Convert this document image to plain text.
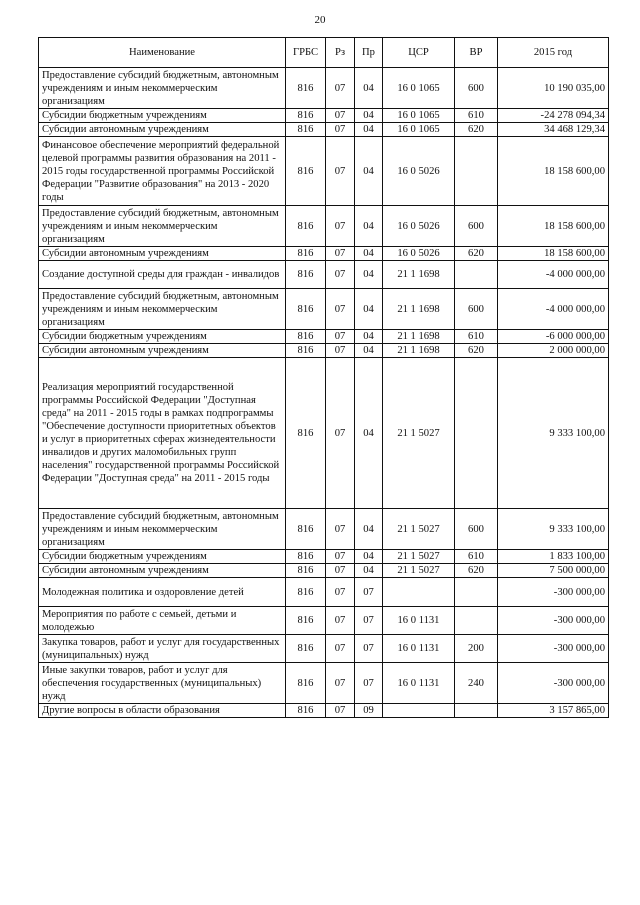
20
Наименование	ГРБС	Рз	Пр	ЦСР	ВР	2015 год
Предоставление субсидий бюджетным, автономным учреждениям и иным некоммерческим организациям	816	07	04	16 0 1065	600	10 190 035,00
Субсидии бюджетным учреждениям	816	07	04	16 0 1065	610	-24 278 094,34
Субсидии автономным учреждениям	816	07	04	16 0 1065	620	34 468 129,34
Финансовое обеспечение мероприятий федеральной целевой программы развития образования на 2011 - 2015 годы государственной программы Российской Федерации "Развитие образования" на 2013 - 2020 годы	816	07	04	16 0 5026		18 158 600,00
Предоставление субсидий бюджетным, автономным учреждениям и иным некоммерческим организациям	816	07	04	16 0 5026	600	18 158 600,00
Субсидии автономным учреждениям	816	07	04	16 0 5026	620	18 158 600,00
Создание доступной среды для граждан - инвалидов	816	07	04	21 1 1698		-4 000 000,00
Предоставление субсидий бюджетным, автономным учреждениям и иным некоммерческим организациям	816	07	04	21 1 1698	600	-4 000 000,00
Субсидии бюджетным учреждениям	816	07	04	21 1 1698	610	-6 000 000,00
Субсидии автономным учреждениям	816	07	04	21 1 1698	620	2 000 000,00
Реализация мероприятий государственной программы Российской Федерации "Доступная среда" на 2011 - 2015 годы в рамках подпрограммы "Обеспечение доступности приоритетных объектов и услуг в приоритетных сферах жизнедеятельности инвалидов и других маломобильных групп населения" государственной программы Российской Федерации "Доступная среда" на 2011 - 2015 годы	816	07	04	21 1 5027		9 333 100,00
Предоставление субсидий бюджетным, автономным учреждениям и иным некоммерческим организациям	816	07	04	21 1 5027	600	9 333 100,00
Субсидии бюджетным учреждениям	816	07	04	21 1 5027	610	1 833 100,00
Субсидии автономным учреждениям	816	07	04	21 1 5027	620	7 500 000,00
Молодежная политика и оздоровление детей	816	07	07			-300 000,00
Мероприятия по работе с семьей, детьми и молодежью	816	07	07	16 0 1131		-300 000,00
Закупка товаров, работ и услуг для государственных (муниципальных) нужд	816	07	07	16 0 1131	200	-300 000,00
Иные закупки товаров, работ и услуг для обеспечения государственных (муниципальных) нужд	816	07	07	16 0 1131	240	-300 000,00
Другие вопросы в области образования	816	07	09			3 157 865,00
